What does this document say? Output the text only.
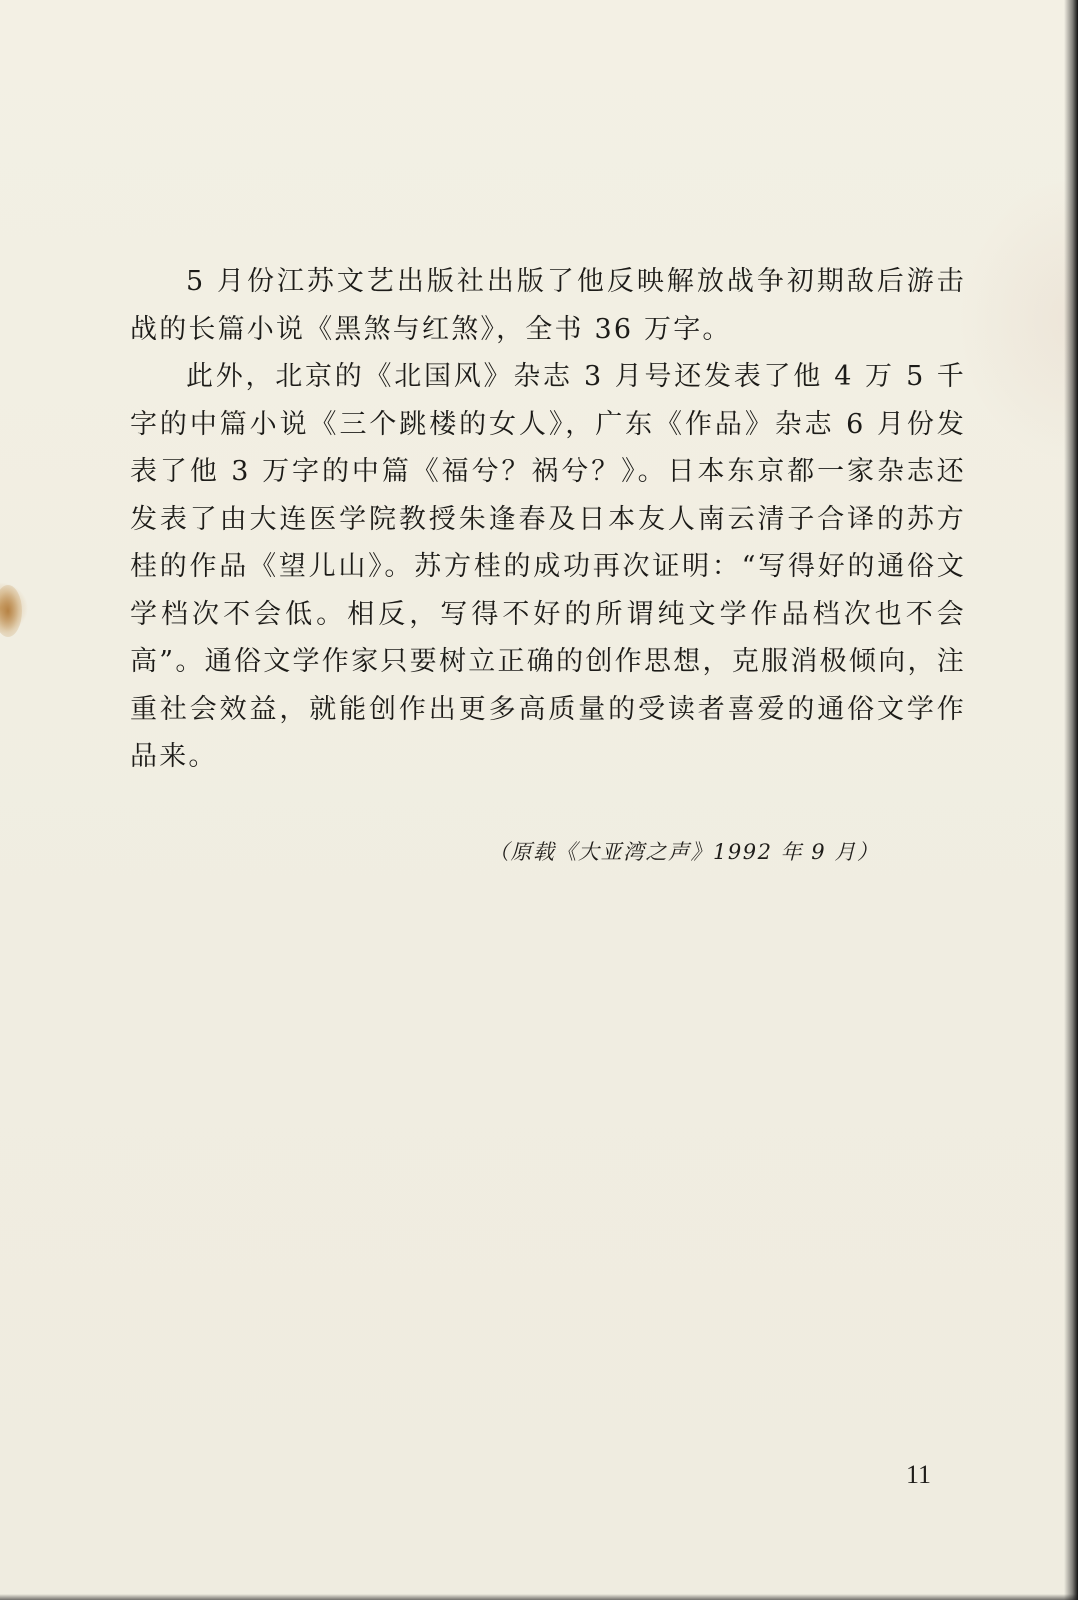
5 月份江苏文艺出版社出版了他反映解放战争初期敌后游击战的长篇小说《黑煞与红煞》，全书 36 万字。

此外，北京的《北国风》杂志 3 月号还发表了他 4 万 5 千字的中篇小说《三个跳楼的女人》，广东《作品》杂志 6 月份发表了他 3 万字的中篇《福兮？祸兮？》。日本东京都一家杂志还发表了由大连医学院教授朱逢春及日本友人南云清子合译的苏方桂的作品《望儿山》。苏方桂的成功再次证明：“写得好的通俗文学档次不会低。相反，写得不好的所谓纯文学作品档次也不会高”。通俗文学作家只要树立正确的创作思想，克服消极倾向，注重社会效益，就能创作出更多高质量的受读者喜爱的通俗文学作品来。

（原载《大亚湾之声》1992 年 9 月）
11
